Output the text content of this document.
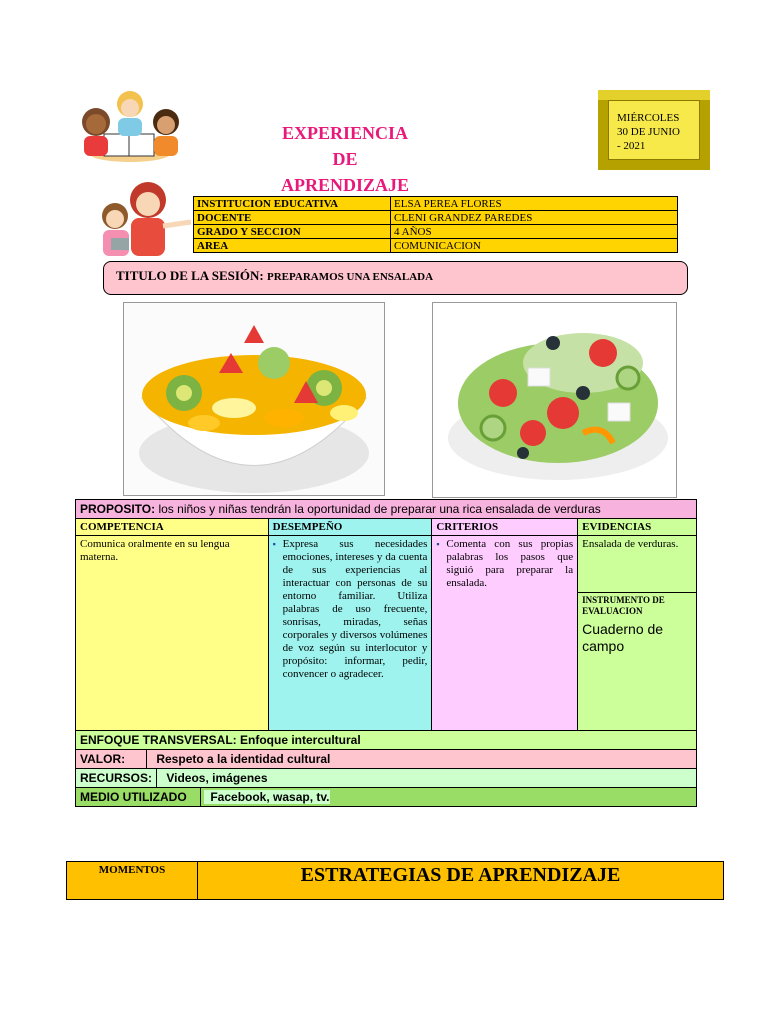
EXPERIENCIA
DE
APRENDIZAJE
MIÉRCOLES
30 DE JUNIO
- 2021
INSTITUCION EDUCATIVA	ELSA PEREA FLORES
DOCENTE	CLENI GRANDEZ PAREDES
GRADO Y SECCION	4 AÑOS
AREA	COMUNICACION
TITULO DE LA SESIÓN: PREPARAMOS UNA ENSALADA
PROPOSITO: los niños y niñas tendrán la oportunidad de preparar una rica ensalada de verduras			
COMPETENCIA	DESEMPEÑO	CRITERIOS	EVIDENCIAS
Comunica oralmente en su lengua materna.	▪ Expresa sus necesidades emociones, intereses y da cuenta de sus experiencias al interactuar con personas de su entorno familiar. Utiliza palabras de uso frecuente, sonrisas, miradas, señas corporales y diversos volúmenes de voz según su interlocutor y propósito: informar, pedir, convencer o agradecer.	▪ Comenta con sus propias palabras los pasos que siguió para preparar la ensalada.	Ensalada de verduras.

			INSTRUMENTO DE EVALUACION
Cuaderno de campo

ENFOQUE TRANSVERSAL: Enfoque intercultural			
VALOR: Respeto a la identidad cultural			
RECURSOS: Videos, imágenes			
MEDIO UTILIZADO Facebook, wasap, tv.			
MOMENTOS	ESTRATEGIAS DE APRENDIZAJE
